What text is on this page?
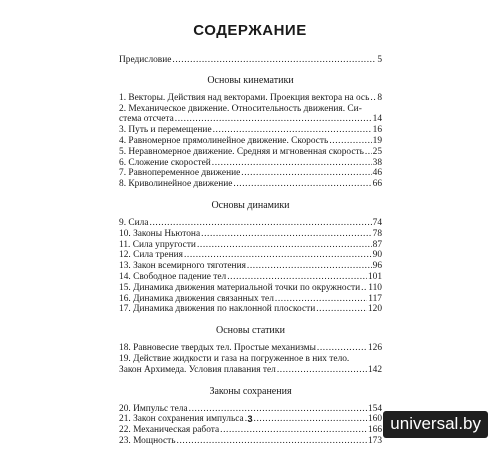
СОДЕРЖАНИЕ
Предисловие .....	5
Основы кинематики
1. Векторы. Действия над векторами. Проекция вектора на ось ..... 8
2. Механическое движение. Относительность движения. Си-
стема отсчета .....	14
3. Путь и перемещение .....	16
4. Равномерное прямолинейное движение. Скорость .....	19
5. Неравномерное движение. Средняя и мгновенная скорость ..... 25
6. Сложение скоростей .....	38
7. Равнопеременное движение .....	46
8. Криволинейное движение .....	66
Основы динамики
9. Сила .....	74
10. Законы Ньютона .....	78
11. Сила упругости .....	87
12. Сила трения .....	90
13. Закон всемирного тяготения .....	96
14. Свободное падение тел .....	101
15. Динамика движения материальной точки по окружности ..... 110
16. Динамика движения связанных тел .....	117
17. Динамика движения по наклонной плоскости .....	120
Основы статики
18. Равновесие твердых тел. Простые механизмы .....	126
19. Действие жидкости и газа на погруженное в них тело.
Закон Архимеда. Условия плавания тел .....	142
Законы сохранения
20. Импульс тела .....	154
21. Закон сохранения импульса .....	160
22. Механическая работа .....	166
23. Мощность .....	173
3	universal.by
